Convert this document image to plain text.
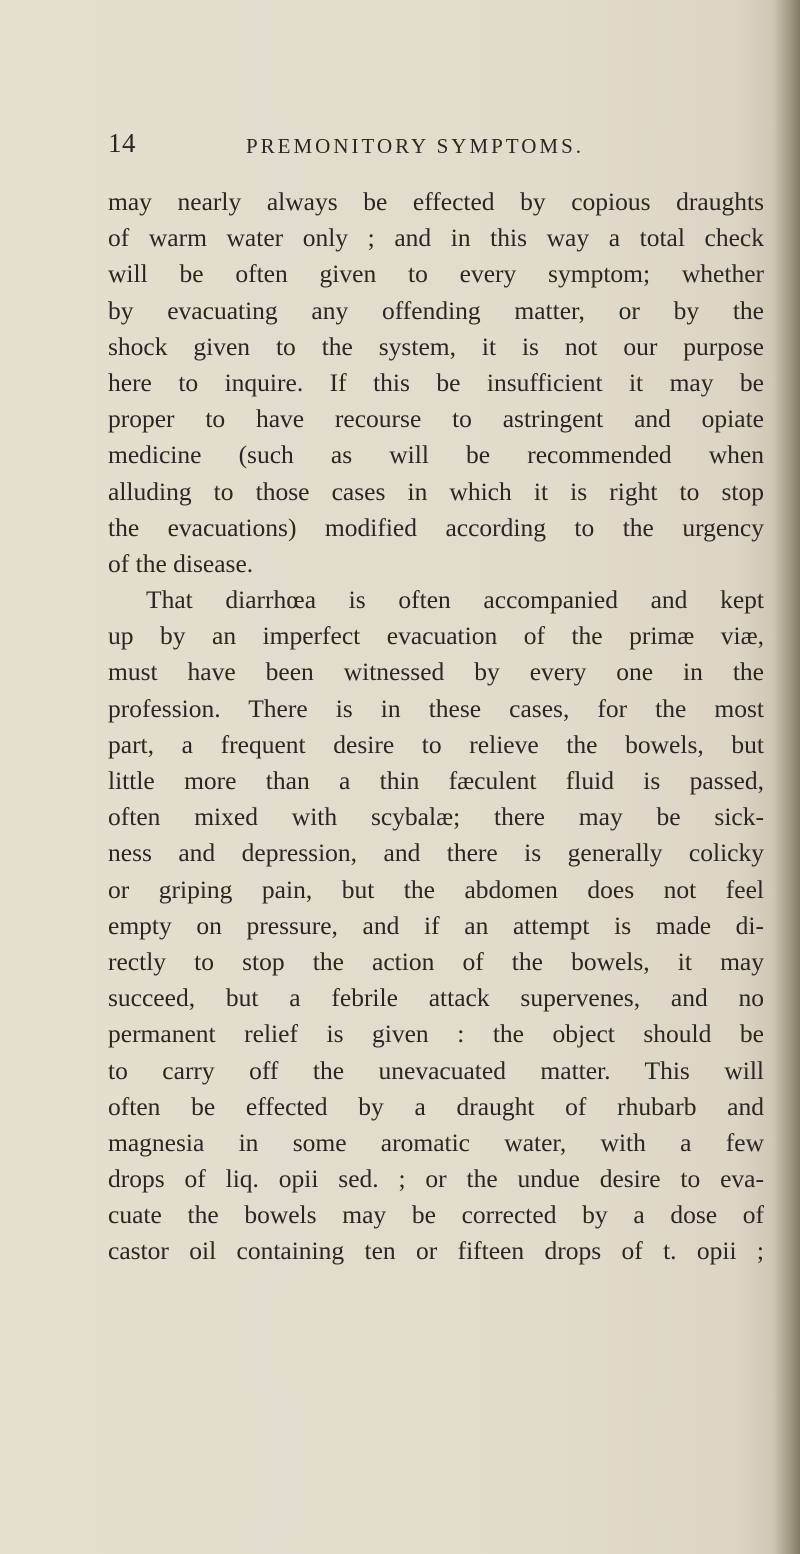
14	PREMONITORY SYMPTOMS.
may nearly always be effected by copious draughts
of warm water only ; and in this way a total check
will be often given to every symptom; whether
by evacuating any offending matter, or by the
shock given to the system, it is not our purpose
here to inquire. If this be insufficient it may be
proper to have recourse to astringent and opiate
medicine (such as will be recommended when
alluding to those cases in which it is right to stop
the evacuations) modified according to the urgency
of the disease.
That diarrhœa is often accompanied and kept
up by an imperfect evacuation of the primæ viæ,
must have been witnessed by every one in the
profession. There is in these cases, for the most
part, a frequent desire to relieve the bowels, but
little more than a thin fæculent fluid is passed,
often mixed with scybalæ; there may be sick-
ness and depression, and there is generally colicky
or griping pain, but the abdomen does not feel
empty on pressure, and if an attempt is made di-
rectly to stop the action of the bowels, it may
succeed, but a febrile attack supervenes, and no
permanent relief is given : the object should be
to carry off the unevacuated matter. This will
often be effected by a draught of rhubarb and
magnesia in some aromatic water, with a few
drops of liq. opii sed. ; or the undue desire to eva-
cuate the bowels may be corrected by a dose of
castor oil containing ten or fifteen drops of t. opii ;
